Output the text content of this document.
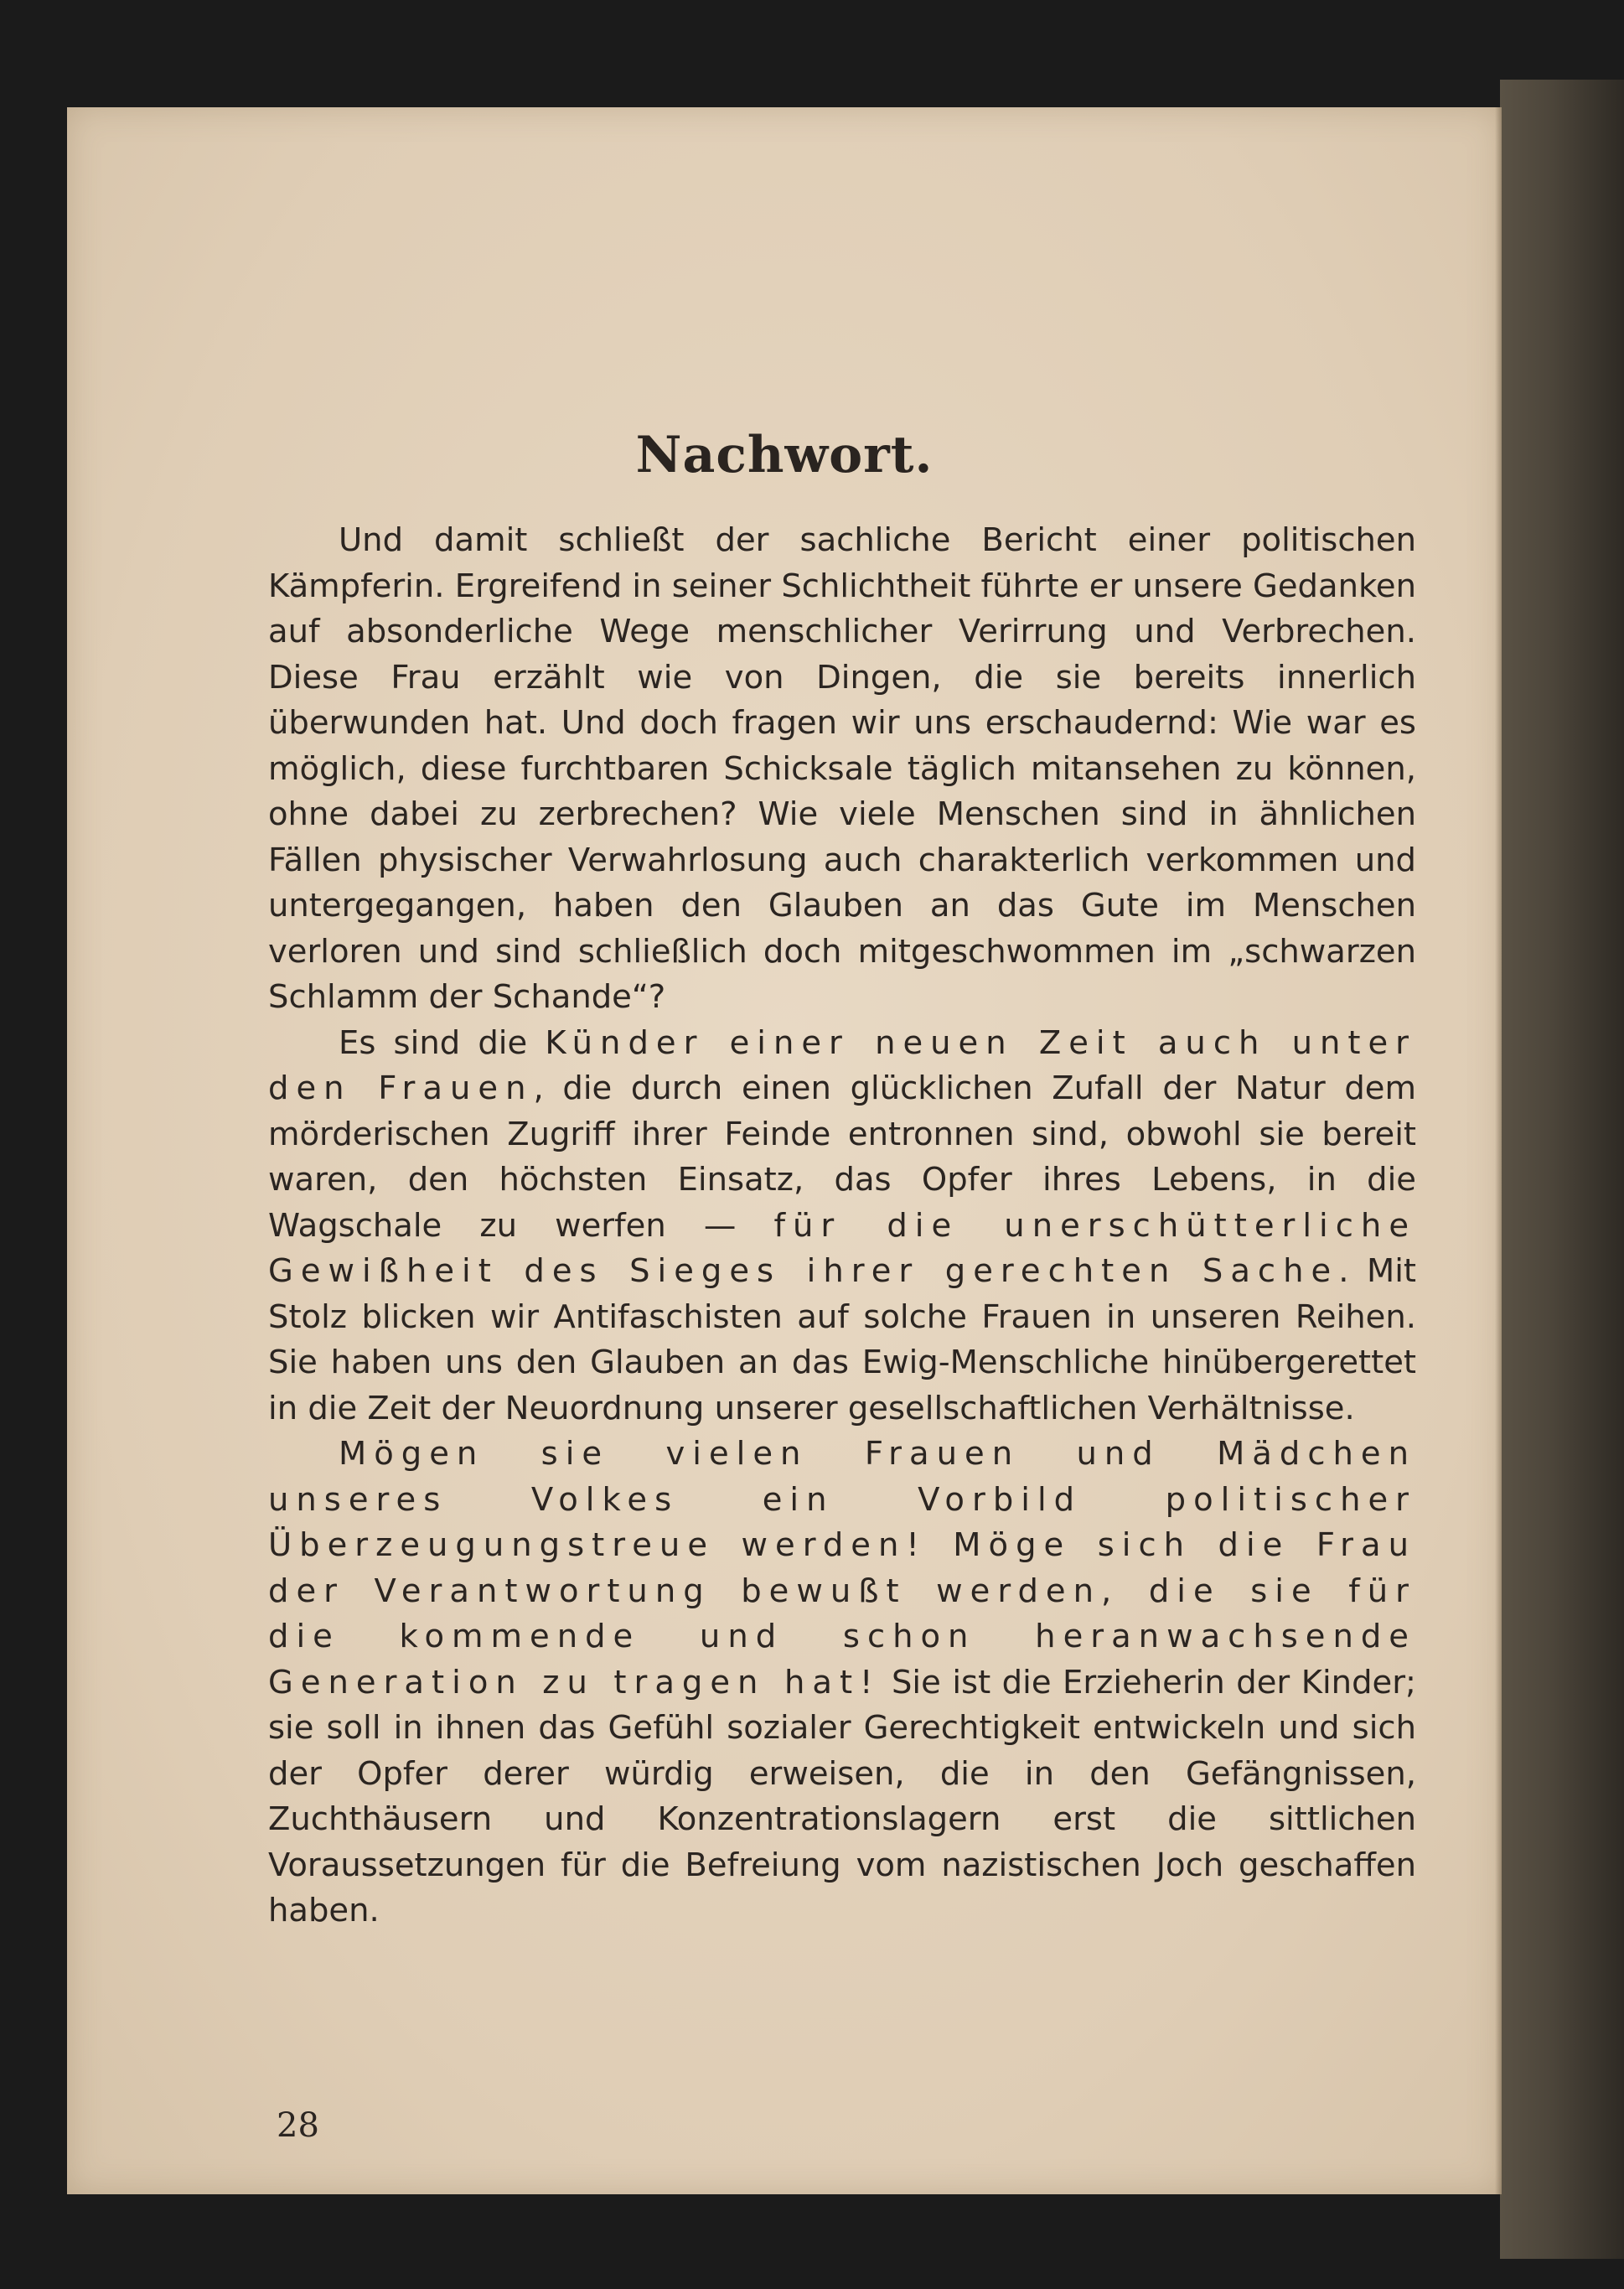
Nachwort.

Und damit schließt der sachliche Bericht einer politischen Kämpferin. Ergreifend in seiner Schlichtheit führte er unsere Gedanken auf absonderliche Wege menschlicher Verirrung und Verbrechen. Diese Frau erzählt wie von Dingen, die sie bereits innerlich überwunden hat. Und doch fragen wir uns erschaudernd: Wie war es möglich, diese furchtbaren Schicksale täglich mitansehen zu können, ohne dabei zu zerbrechen? Wie viele Menschen sind in ähnlichen Fällen physischer Verwahrlosung auch charakterlich verkommen und untergegangen, haben den Glauben an das Gute im Menschen verloren und sind schließlich doch mitgeschwommen im „schwarzen Schlamm der Schande“?

Es sind die Künder einer neuen Zeit auch unter den Frauen, die durch einen glücklichen Zufall der Natur dem mörderischen Zugriff ihrer Feinde entronnen sind, obwohl sie bereit waren, den höchsten Einsatz, das Opfer ihres Lebens, in die Wagschale zu werfen — für die unerschütterliche Gewißheit des Sieges ihrer gerechten Sache. Mit Stolz blicken wir Antifaschisten auf solche Frauen in unseren Reihen. Sie haben uns den Glauben an das Ewig-Menschliche hinübergerettet in die Zeit der Neuordnung unserer gesellschaftlichen Verhältnisse.

Mögen sie vielen Frauen und Mädchen unseres Volkes ein Vorbild politischer Überzeugungstreue werden! Möge sich die Frau der Verantwortung bewußt werden, die sie für die kommende und schon heranwachsende Generation zu tragen hat! Sie ist die Erzieherin der Kinder; sie soll in ihnen das Gefühl sozialer Gerechtigkeit entwickeln und sich der Opfer derer würdig erweisen, die in den Gefängnissen, Zuchthäusern und Konzentrationslagern erst die sittlichen Voraussetzungen für die Befreiung vom nazistischen Joch geschaffen haben.

28
